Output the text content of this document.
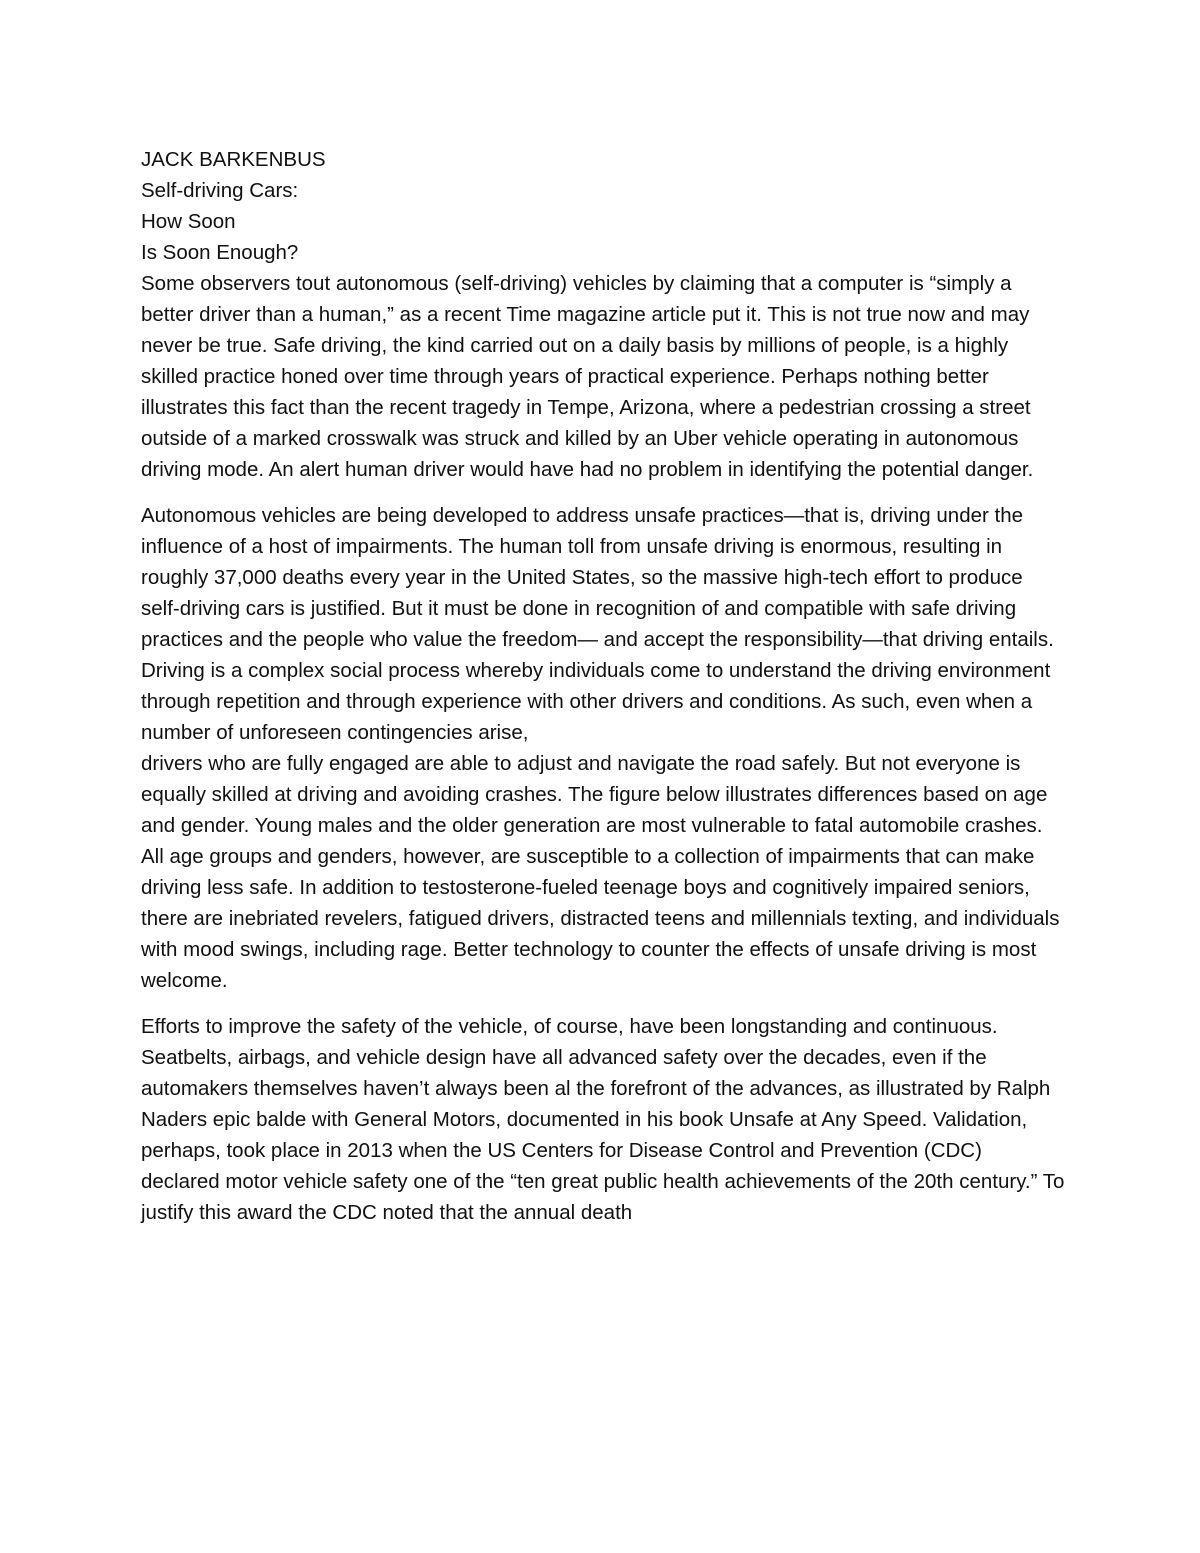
JACK BARKENBUS

Self-driving Cars:

How Soon

Is Soon Enough?

Some observers tout autonomous (self-driving) vehicles by claiming that a computer is “simply a better driver than a human,” as a recent Time magazine article put it. This is not true now and may never be true. Safe driving, the kind carried out on a daily basis by millions of people, is a highly skilled practice honed over time through years of practical experience. Perhaps nothing better illustrates this fact than the recent tragedy in Tempe, Arizona, where a pedestrian crossing a street outside of a marked crosswalk was struck and killed by an Uber vehicle operating in autonomous driving mode. An alert human driver would have had no problem in identifying the potential danger.

Autonomous vehicles are being developed to address unsafe practices—that is, driving under the influence of a host of impairments. The human toll from unsafe driving is enormous, resulting in roughly 37,000 deaths every year in the United States, so the massive high-tech effort to produce self-driving cars is justified. But it must be done in recognition of and compatible with safe driving practices and the people who value the freedom— and accept the responsibility—that driving entails.

Driving is a complex social process whereby individuals come to understand the driving environment through repetition and through experience with other drivers and conditions. As such, even when a number of unforeseen contingencies arise,

drivers who are fully engaged are able to adjust and navigate the road safely. But not everyone is equally skilled at driving and avoiding crashes. The figure below illustrates differences based on age and gender. Young males and the older generation are most vulnerable to fatal automobile crashes. All age groups and genders, however, are susceptible to a collection of impairments that can make driving less safe. In addition to testosterone-fueled teenage boys and cognitively impaired seniors, there are inebriated revelers, fatigued drivers, distracted teens and millennials texting, and individuals with mood swings, including rage. Better technology to counter the effects of unsafe driving is most welcome.

Efforts to improve the safety of the vehicle, of course, have been longstanding and continuous. Seatbelts, airbags, and vehicle design have all advanced safety over the decades, even if the automakers themselves haven’t always been al the forefront of the advances, as illustrated by Ralph Naders epic balde with General Motors, documented in his book Unsafe at Any Speed. Validation, perhaps, took place in 2013 when the US Centers for Disease Control and Prevention (CDC) declared motor vehicle safety one of the “ten great public health achievements of the 20th century.” To justify this award the CDC noted that the annual death
